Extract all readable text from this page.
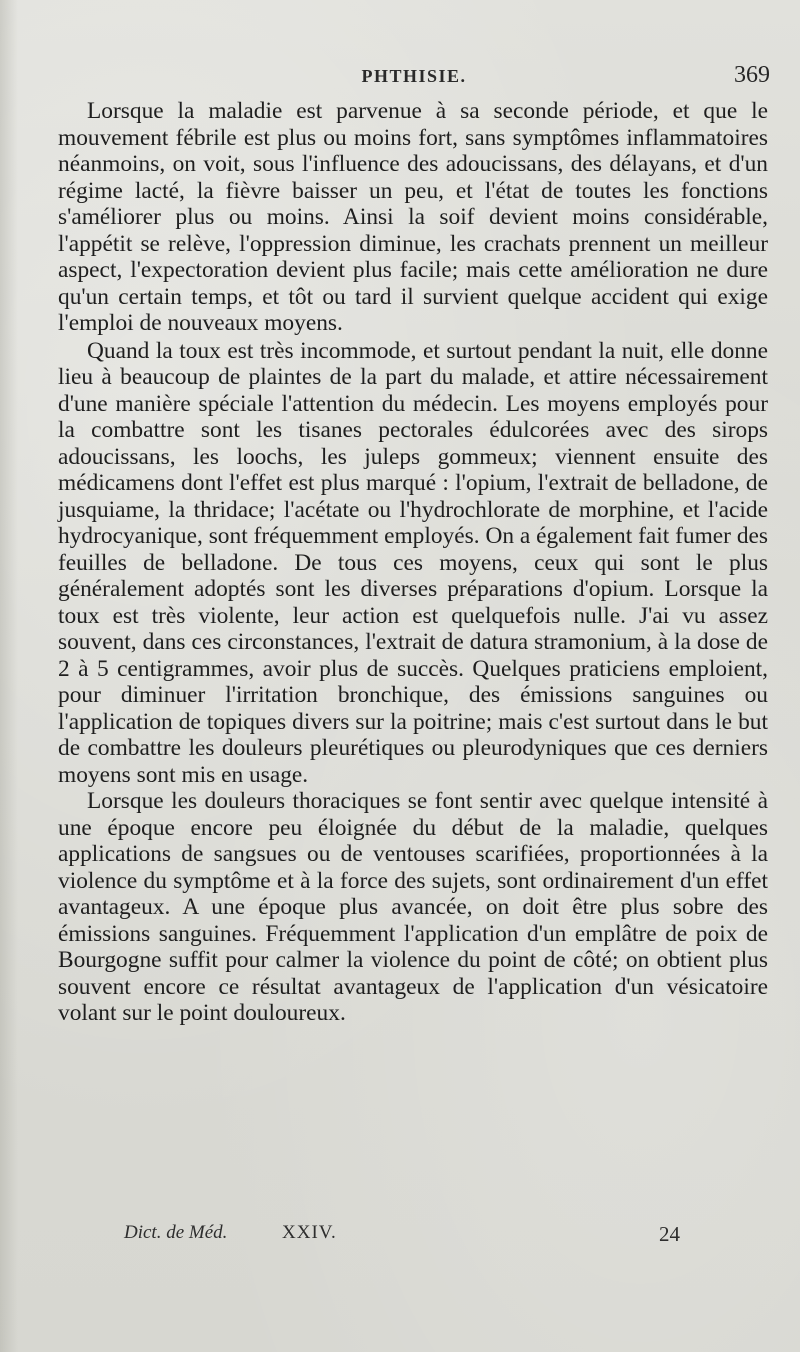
PHTHISIE.	369

Lorsque la maladie est parvenue à sa seconde période, et que le mouvement fébrile est plus ou moins fort, sans symptômes inflammatoires néanmoins, on voit, sous l'influence des adoucissans, des délayans, et d'un régime lacté, la fièvre baisser un peu, et l'état de toutes les fonctions s'améliorer plus ou moins. Ainsi la soif devient moins considérable, l'appétit se relève, l'oppression diminue, les crachats prennent un meilleur aspect, l'expectoration devient plus facile; mais cette amélioration ne dure qu'un certain temps, et tôt ou tard il survient quelque accident qui exige l'emploi de nouveaux moyens.

Quand la toux est très incommode, et surtout pendant la nuit, elle donne lieu à beaucoup de plaintes de la part du malade, et attire nécessairement d'une manière spéciale l'attention du médecin. Les moyens employés pour la combattre sont les tisanes pectorales édulcorées avec des sirops adoucissans, les loochs, les juleps gommeux; viennent ensuite des médicamens dont l'effet est plus marqué : l'opium, l'extrait de belladone, de jusquiame, la thridace; l'acétate ou l'hydrochlorate de morphine, et l'acide hydrocyanique, sont fréquemment employés. On a également fait fumer des feuilles de belladone. De tous ces moyens, ceux qui sont le plus généralement adoptés sont les diverses préparations d'opium. Lorsque la toux est très violente, leur action est quelquefois nulle. J'ai vu assez souvent, dans ces circonstances, l'extrait de datura stramonium, à la dose de 2 à 5 centigrammes, avoir plus de succès. Quelques praticiens emploient, pour diminuer l'irritation bronchique, des émissions sanguines ou l'application de topiques divers sur la poitrine; mais c'est surtout dans le but de combattre les douleurs pleurétiques ou pleurodyniques que ces derniers moyens sont mis en usage.

Lorsque les douleurs thoraciques se font sentir avec quelque intensité à une époque encore peu éloignée du début de la maladie, quelques applications de sangsues ou de ventouses scarifiées, proportionnées à la violence du symptôme et à la force des sujets, sont ordinairement d'un effet avantageux. A une époque plus avancée, on doit être plus sobre des émissions sanguines. Fréquemment l'application d'un emplâtre de poix de Bourgogne suffit pour calmer la violence du point de côté; on obtient plus souvent encore ce résultat avantageux de l'application d'un vésicatoire volant sur le point douloureux.

Dict. de Méd.	XXIV.	24
